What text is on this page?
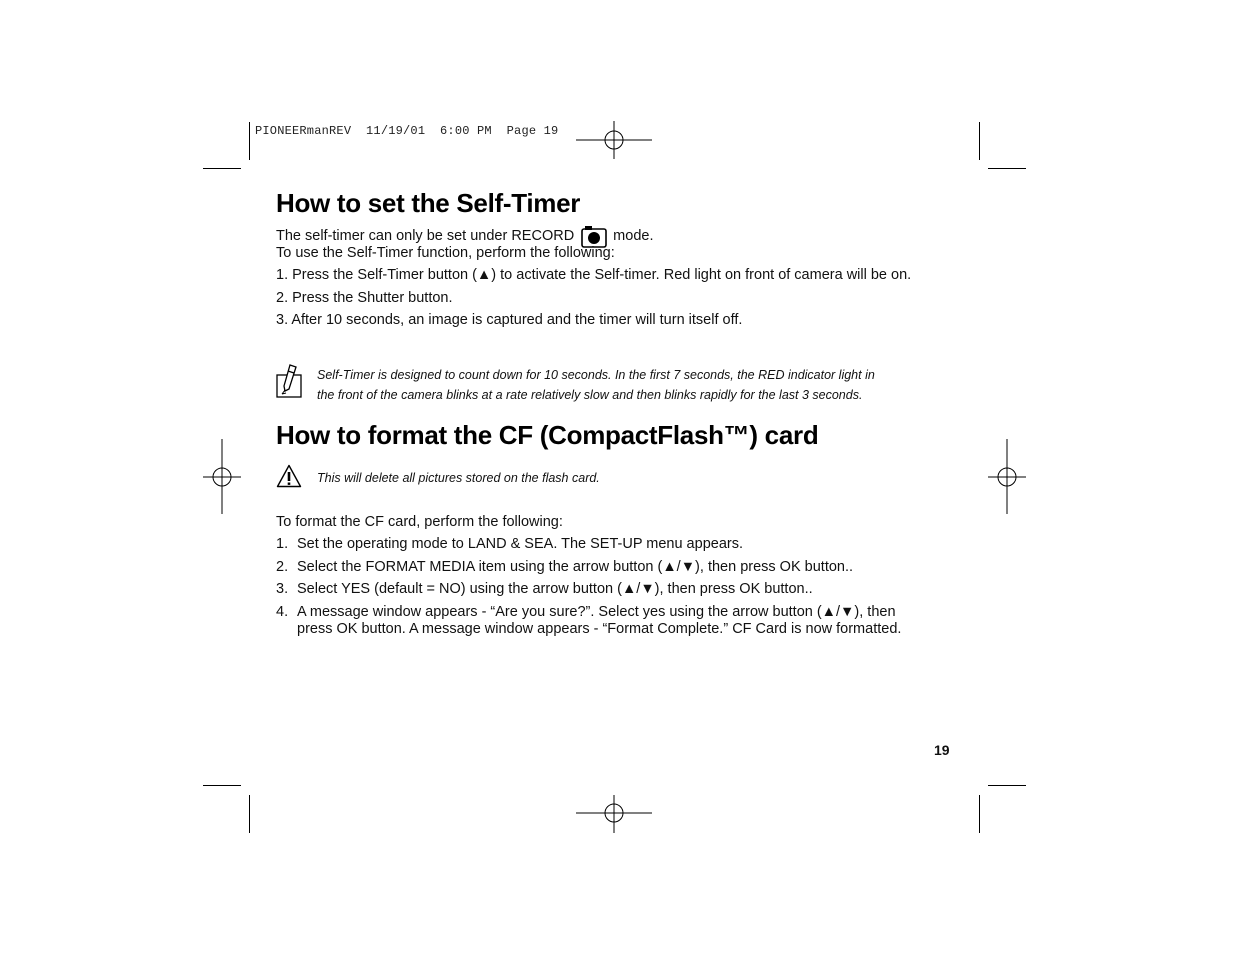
PIONEERmanREV  11/19/01  6:00 PM  Page 19
How to set the Self-Timer
The self-timer can only be set under RECORD	mode.
To use the Self-Timer function, perform the following:
1. Press the Self-Timer button (▲) to activate the Self-timer. Red light on front of camera will be on.
2. Press the Shutter button.
3. After 10 seconds, an image is captured and the timer will turn itself off.
Self-Timer is designed to count down for 10 seconds. In the first 7 seconds, the RED indicator light in
the front of the camera blinks at a rate relatively slow and then blinks rapidly for the last 3 seconds.
How to format the CF (CompactFlash™) card
This will delete all pictures stored on the flash card.
To format the CF card, perform the following:
1. Set the operating mode to LAND & SEA. The SET-UP menu appears.
2. Select the FORMAT MEDIA item using the arrow button (▲/▼), then press OK button..
3. Select YES (default = NO) using the arrow button (▲/▼), then press OK button..
4. A message window appears - “Are you sure?”. Select yes using the arrow button (▲/▼), then
press OK button. A message window appears - “Format Complete.” CF Card is now formatted.
19
